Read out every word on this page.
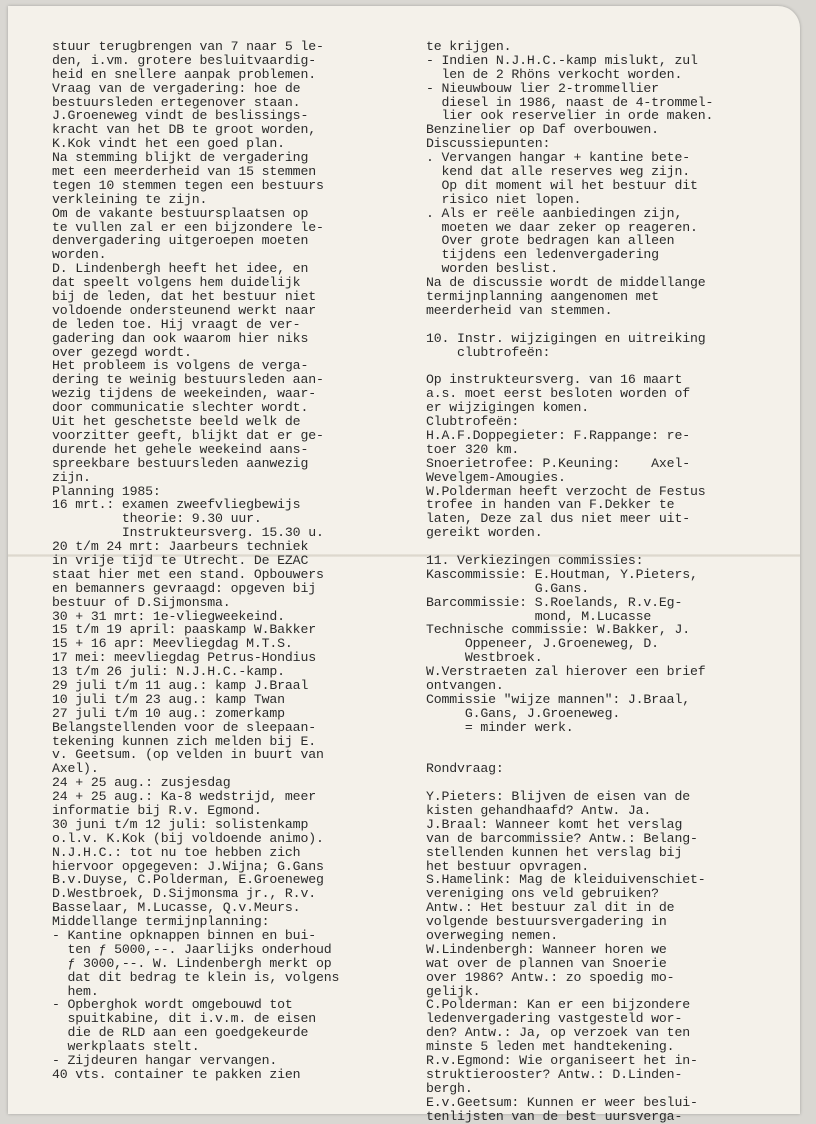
stuur terugbrengen van 7 naar 5 le-
den, i.vm. grotere besluitvaardig-
heid en snellere aanpak problemen.
Vraag van de vergadering: hoe de
bestuursleden ertegenover staan.
J.Groeneweg vindt de beslissings-
kracht van het DB te groot worden,
K.Kok vindt het een goed plan.
Na stemming blijkt de vergadering
met een meerderheid van 15 stemmen
tegen 10 stemmen tegen een bestuurs
verkleining te zijn.
Om de vakante bestuursplaatsen op
te vullen zal er een bijzondere le-
denvergadering uitgeroepen moeten
worden.
D. Lindenbergh heeft het idee, en
dat speelt volgens hem duidelijk
bij de leden, dat het bestuur niet
voldoende ondersteunend werkt naar
de leden toe. Hij vraagt de ver-
gadering dan ook waarom hier niks
over gezegd wordt.
Het probleem is volgens de verga-
dering te weinig bestuursleden aan-
wezig tijdens de weekeinden, waar-
door communicatie slechter wordt.
Uit het geschetste beeld welk de
voorzitter geeft, blijkt dat er ge-
durende het gehele weekeind aans-
spreekbare bestuursleden aanwezig
zijn.
Planning 1985:
16 mrt.: examen zweefvliegbewijs
theorie: 9.30 uur.
Instrukteursverg. 15.30 u.
20 t/m 24 mrt: Jaarbeurs techniek
in vrije tijd te Utrecht. De EZAC
staat hier met een stand. Opbouwers
en bemanners gevraagd: opgeven bij
bestuur of D.Sijmonsma.
30 + 31 mrt: 1e-vliegweekeind.
15 t/m 19 april: paaskamp W.Bakker
15 + 16 apr: Meevliegdag M.T.S.
17 mei: meevliegdag Petrus-Hondius
13 t/m 26 juli: N.J.H.C.-kamp.
29 juli t/m 11 aug.: kamp J.Braal
10 juli t/m 23 aug.: kamp Twan
27 juli t/m 10 aug.: zomerkamp
Belangstellenden voor de sleepaan-
tekening kunnen zich melden bij E.
v. Geetsum. (op velden in buurt van
Axel).
24 + 25 aug.: zusjesdag
24 + 25 aug.: Ka-8 wedstrijd, meer
informatie bij R.v. Egmond.
30 juni t/m 12 juli: solistenkamp
o.l.v. K.Kok (bij voldoende animo).
N.J.H.C.: tot nu toe hebben zich
hiervoor opgegeven: J.Wijna; G.Gans
B.v.Duyse, C.Polderman, E.Groeneweg
D.Westbroek, D.Sijmonsma jr., R.v.
Basselaar, M.Lucasse, Q.v.Meurs.
Middellange termijnplanning:
- Kantine opknappen binnen en bui-
ten ƒ 5000,--. Jaarlijks onderhoud
ƒ 3000,--. W. Lindenbergh merkt op
dat dit bedrag te klein is, volgens
hem.
- Opberghok wordt omgebouwd tot
spuitkabine, dit i.v.m. de eisen
die de RLD aan een goedgekeurde
werkplaats stelt.
- Zijdeuren hangar vervangen.
40 vts. container te pakken zien
te krijgen.
- Indien N.J.H.C.-kamp mislukt, zul
len de 2 Rhöns verkocht worden.
- Nieuwbouw lier 2-trommellier
diesel in 1986, naast de 4-trommel-
lier ook reservelier in orde maken.
Benzinelier op Daf overbouwen.
Discussiepunten:
. Vervangen hangar + kantine bete-
kend dat alle reserves weg zijn.
Op dit moment wil het bestuur dit
risico niet lopen.
. Als er reële aanbiedingen zijn,
moeten we daar zeker op reageren.
Over grote bedragen kan alleen
tijdens een ledenvergadering
worden beslist.
Na de discussie wordt de middellange
termijnplanning aangenomen met
meerderheid van stemmen.
10. Instr. wijzigingen en uitreiking
clubtrofeën:
Op instrukteursverg. van 16 maart
a.s. moet eerst besloten worden of
er wijzigingen komen.
Clubtrofeën:
H.A.F.Doppegieter: F.Rappange: re-
toer 320 km.
Snoerietrofee: P.Keuning:    Axel-
Wevelgem-Amougies.
W.Polderman heeft verzocht de Festus
trofee in handen van F.Dekker te
laten, Deze zal dus niet meer uit-
gereikt worden.
11. Verkiezingen commissies:
Kascommissie: E.Houtman, Y.Pieters,
G.Gans.
Barcommissie: S.Roelands, R.v.Eg-
mond, M.Lucasse
Technische commissie: W.Bakker, J.
Oppeneer, J.Groeneweg, D.
Westbroek.
W.Verstraeten zal hierover een brief
ontvangen.
Commissie "wijze mannen": J.Braal,
G.Gans, J.Groeneweg.
= minder werk.
Rondvraag:
Y.Pieters: Blijven de eisen van de
kisten gehandhaafd? Antw. Ja.
J.Braal: Wanneer komt het verslag
van de barcommissie? Antw.: Belang-
stellenden kunnen het verslag bij
het bestuur opvragen.
S.Hamelink: Mag de kleiduivenschiet-
vereniging ons veld gebruiken?
Antw.: Het bestuur zal dit in de
volgende bestuursvergadering in
overweging nemen.
W.Lindenbergh: Wanneer horen we
wat over de plannen van Snoerie
over 1986? Antw.: zo spoedig mo-
gelijk.
C.Polderman: Kan er een bijzondere
ledenvergadering vastgesteld wor-
den? Antw.: Ja, op verzoek van ten
minste 5 leden met handtekening.
R.v.Egmond: Wie organiseert het in-
struktierooster? Antw.: D.Linden-
bergh.
E.v.Geetsum: Kunnen er weer beslui-
tenlijsten van de best uursverga-
